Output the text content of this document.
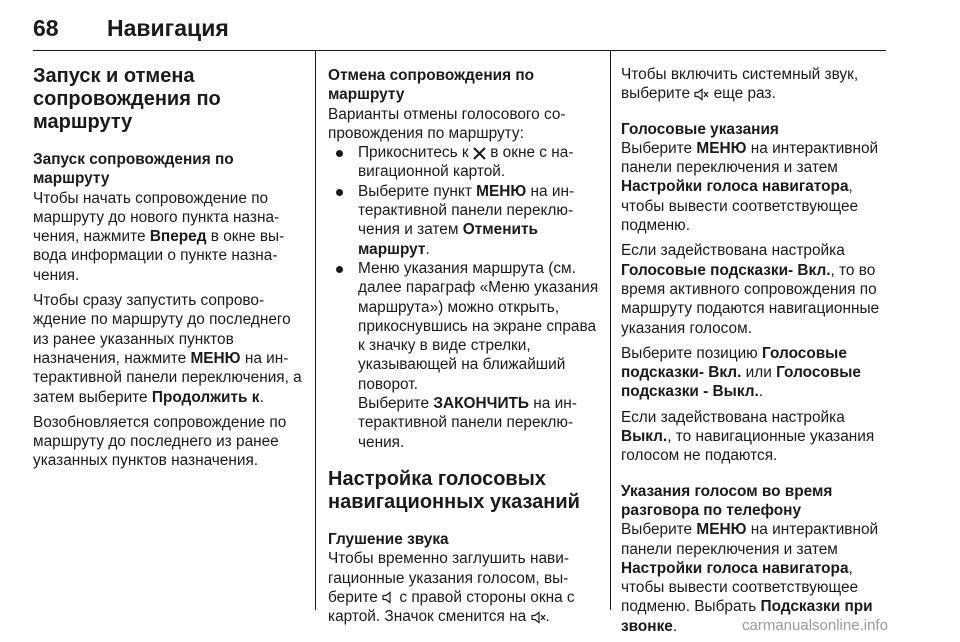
68 Навигация
Запуск и отмена сопровождения по маршруту
Запуск сопровождения по маршруту

Чтобы начать сопровождение по маршруту до нового пункта назначения, нажмите Вперед в окне вывода информации о пункте назначения.

Чтобы сразу запустить сопровождение по маршруту до последнего из ранее указанных пунктов назначения, нажмите МЕНЮ на интерактивной панели переключения, а затем выберите Продолжить к.

Возобновляется сопровождение по маршруту до последнего из ранее указанных пунктов назначения.

Отмена сопровождения по маршруту

Варианты отмены голосового сопровождения по маршруту:

Прикоснитесь к  в окне с навигационной картой.
Выберите пункт МЕНЮ на интерактивной панели переключения и затем Отменить маршрут.
Меню указания маршрута (см. далее параграф «Меню указания маршрута») можно открыть, прикоснувшись на экране справа к значку в виде стрелки, указывающей на ближайший поворот.

Выберите ЗАКОНЧИТЬ на интерактивной панели переключения.

Настройка голосовых навигационных указаний
Глушение звука

Чтобы временно заглушить навигационные указания голосом, выберите  с правой стороны окна с картой. Значок сменится на .

Чтобы включить системный звук, выберите  еще раз.

Голосовые указания

Выберите МЕНЮ на интерактивной панели переключения и затем Настройки голоса навигатора, чтобы вывести соответствующее подменю.

Если задействована настройка Голосовые подсказки- Вкл., то во время активного сопровождения по маршруту подаются навигационные указания голосом.

Выберите позицию Голосовые подсказки- Вкл. или Голосовые подсказки - Выкл..

Если задействована настройка Выкл., то навигационные указания голосом не подаются.

Указания голосом во время разговора по телефону

Выберите МЕНЮ на интерактивной панели переключения и затем Настройки голоса навигатора, чтобы вывести соответствующее подменю. Выбрать Подсказки при звонке.	carmanualsonline.info
